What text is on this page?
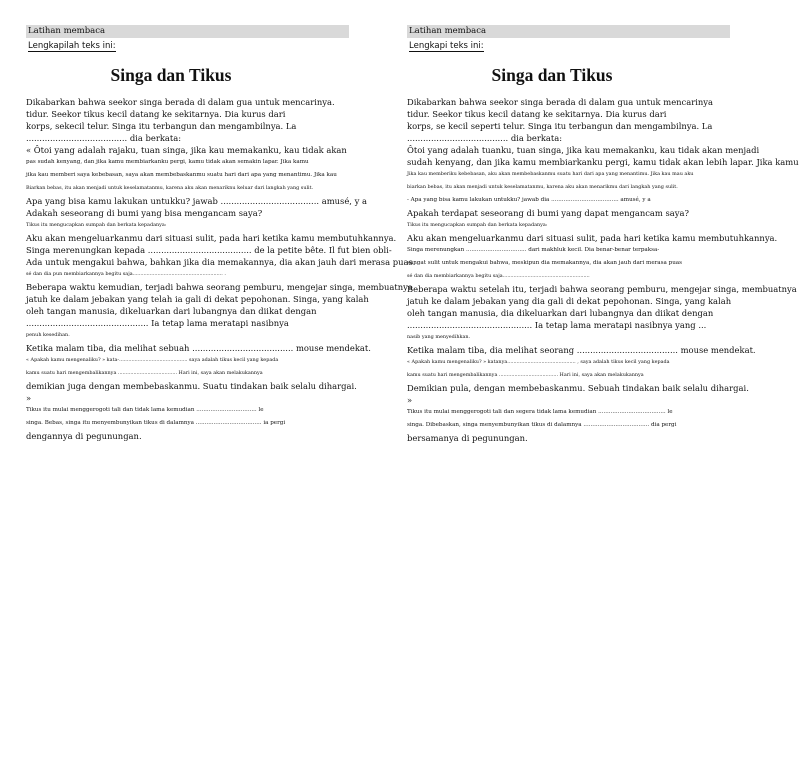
Latihan membaca
Lengkapilah teks ini:
Singa dan Tikus
Dikabarkan bahwa seekor singa berada di dalam gua untuk mencarinya.
tidur. Seekor tikus kecil datang ke sekitarnya. Dia kurus dari
korps, sekecil telur. Singa itu terbangun dan mengambilnya. La
...................................... dia berkata:
« Ôtoi yang adalah rajaku, tuan singa, jika kau memakanku, kau tidak akan
pas sudah kenyang, dan jika kamu membiarkanku pergi, kamu tidak akan semakin lapar. Jika kamu
jika kau memberi saya kebebasan, saya akan membebaskanmu suatu hari dari apa yang menantimu. Jika kau
Biarkan bebas, itu akan menjadi untuk keselamatanmu, karena aku akan menariknu keluar dari langkah yang sulit.
Apa yang bisa kamu lakukan untukku? jawab ..................................... amusé, y a
Adakah seseorang di bumi yang bisa mengancam saya?
Tikus itu mengucapkan sumpah dan berkata kepadanya:
Aku akan mengeluarkanmu dari situasi sulit, pada hari ketika kamu membutuhkannya.
Singa merenungkan kepada ....................................... de la petite bête. Il fut bien obli-
Ada untuk mengakui bahwa, bahkan jika dia memakannya, dia akan jauh dari merasa puas.
sé dan dia pun membiarkannya begitu saja.......................................................... .
Beberapa waktu kemudian, terjadi bahwa seorang pemburu, mengejar singa, membuatnya
jatuh ke dalam jebakan yang telah ia gali di dekat pepohonan. Singa, yang kalah
oleh tangan manusia, dikeluarkan dari lubangnya dan diikat dengan
.............................................. Ia tetap lama meratapi nasibnya
penuh kesedihan.
Ketika malam tiba, dia melihat sebuah ...................................... mouse mendekat.
« Apakah kamu mengenaliku? » kata-............................................ saya adalah tikus kecil yang kepada
kamu suatu hari mengembalikannya ...................................... Hari ini, saya akan melakukannya
demikian juga dengan membebaskanmu. Suatu tindakan baik selalu dihargai.
»
Tikus itu mulai menggerogoti tali dan tidak lama kemudian .................................. le
singa. Bebas, singa itu menyembunyikan tikus di dalamnya ..................................... ia pergi
dengannya di pegunungan.
Latihan membaca
Lengkapi teks ini:
Singa dan Tikus
Dikabarkan bahwa seekor singa berada di dalam gua untuk mencarinya
tidur. Seekor tikus kecil datang ke sekitarnya. Dia kurus dari
korps, se kecil seperti telur. Singa itu terbangun dan mengambilnya. La
...................................... dia berkata:
Ôtoi yang adalah tuanku, tuan singa, jika kau memakanku, kau tidak akan menjadi
sudah kenyang, dan jika kamu membiarkanku pergi, kamu tidak akan lebih lapar. Jika kamu
Jika kau memberiku kebebasan, aku akan membebaskanmu suatu hari dari apa yang menantimu. Jika kau mau aku
biarkan bebas, itu akan menjadi untuk keselamatanmu, karena aku akan menarikmu dari langkah yang sulit.
- Apa yang bisa kamu lakukan untukku? jawab dia ...................................... amusé, y a
Apakah terdapat seseorang di bumi yang dapat mengancam saya?
Tikus itu mengucapkan sumpah dan berkata kepadanya:
Aku akan mengeluarkanmu dari situasi sulit, pada hari ketika kamu membutuhkannya.
Singa merenungkan .................................. dari makhluk kecil. Dia benar-benar terpaksa-
sangat sulit untuk mengakui bahwa, meskipun dia memakannya, dia akan jauh dari merasa puas
sé dan dia membiarkannya begitu saja........................................................
Beberapa waktu setelah itu, terjadi bahwa seorang pemburu, mengejar singa, membuatnya
jatuh ke dalam jebakan yang dia gali di dekat pepohonan. Singa, yang kalah
oleh tangan manusia, dia dikeluarkan dari lubangnya dan diikat dengan
............................................... Ia tetap lama meratapi nasibnya yang ...
nasib yang menyedihkan.
Ketika malam tiba, dia melihat seorang ...................................... mouse mendekat.
« Apakah kamu mengenaliku? » katanya............................................ , saya adalah tikus kecil yang kepada
kamu suatu hari mengembalikannya ...................................... Hari ini, saya akan melakukannya
Demikian pula, dengan membebaskanmu. Sebuah tindakan baik selalu dihargai.
»
Tikus itu mulai menggerogoti tali dan segera tidak lama kemudian ...................................... le
singa. Dibebaskan, singa menyembunyikan tikus di dalamnya ..................................... dia pergi
bersamanya di pegunungan.
